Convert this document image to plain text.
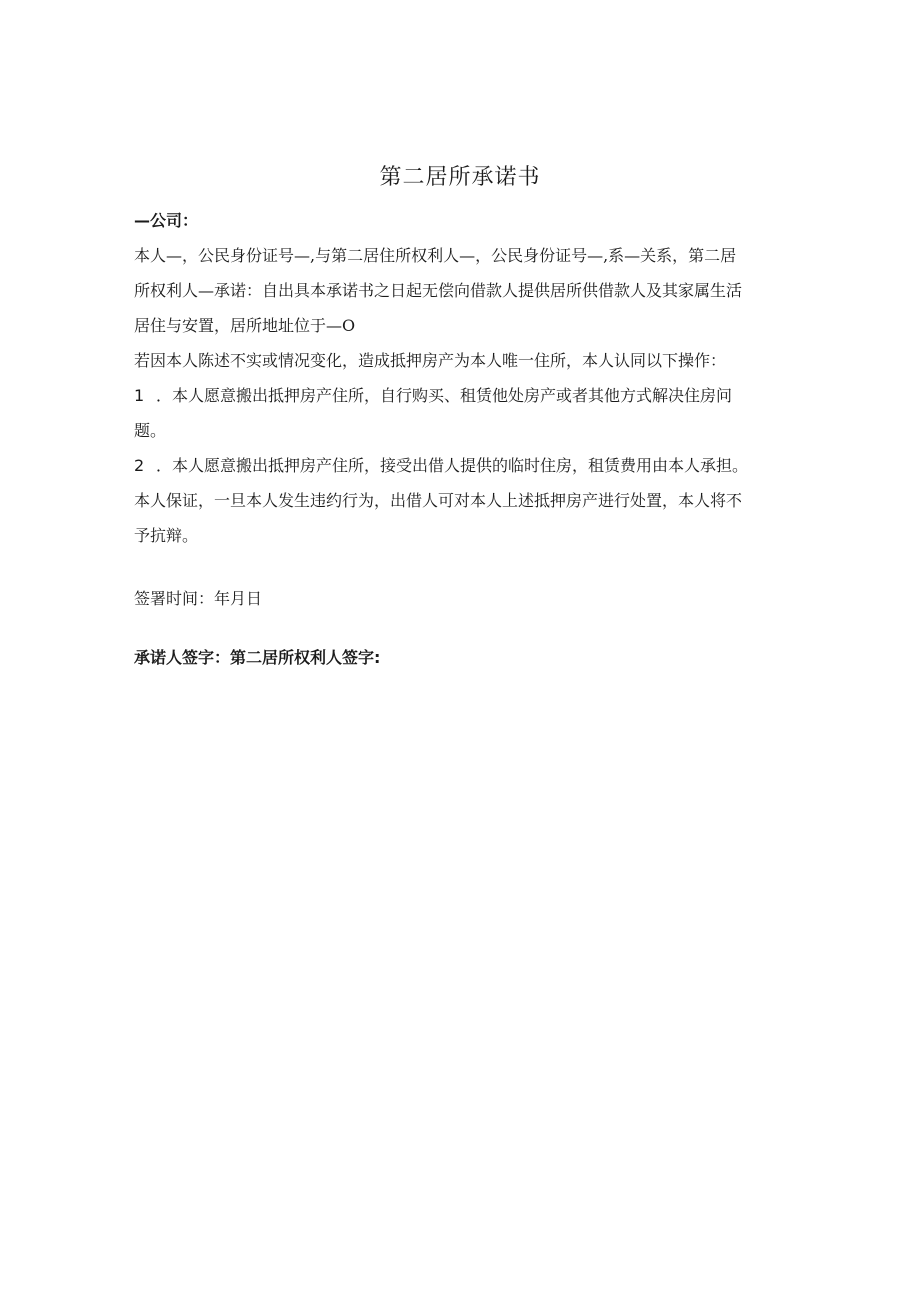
第二居所承诺书
—公司：
本人—，公民身份证号—,与第二居住所权利人—，公民身份证号—,系—关系，第二居
所权利人—承诺：自出具本承诺书之日起无偿向借款人提供居所供借款人及其家属生活
居住与安置，居所地址位于—O
若因本人陈述不实或情况变化，造成抵押房产为本人唯一住所，本人认同以下操作：
1 ．本人愿意搬出抵押房产住所，自行购买、租赁他处房产或者其他方式解决住房问
题。
2 ．本人愿意搬出抵押房产住所，接受出借人提供的临时住房，租赁费用由本人承担。
本人保证，一旦本人发生违约行为，出借人可对本人上述抵押房产进行处置，本人将不
予抗辩。
签署时间：年月日
承诺人签字：第二居所权利人签字:
